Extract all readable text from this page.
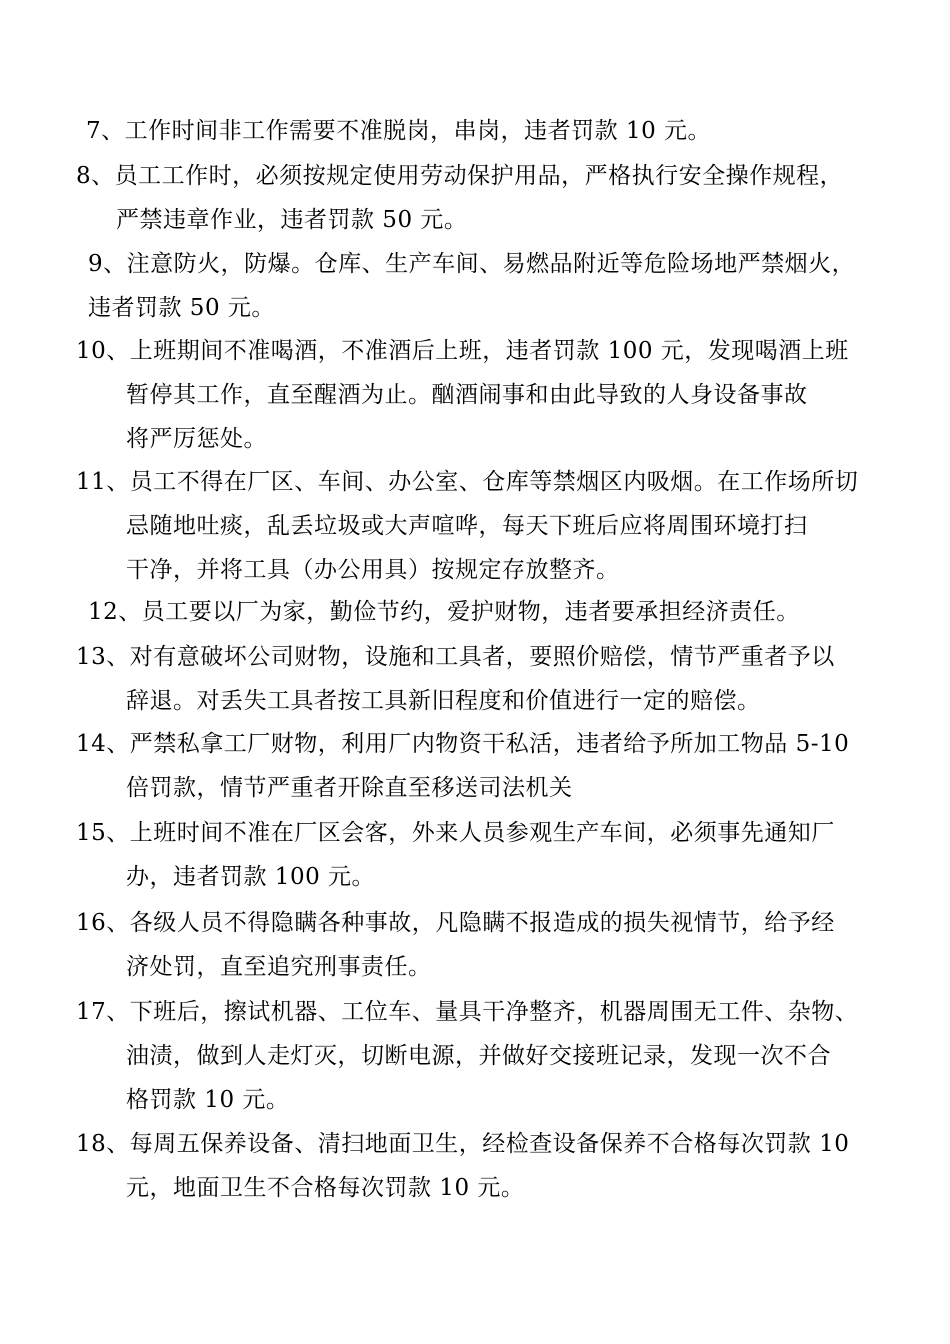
7、工作时间非工作需要不准脱岗，串岗，违者罚款 10 元。
8、员工工作时，必须按规定使用劳动保护用品，严格执行安全操作规程，
严禁违章作业，违者罚款 50 元。
9、注意防火，防爆。仓库、生产车间、易燃品附近等危险场地严禁烟火，
违者罚款 50 元。
10、上班期间不准喝酒，不准酒后上班，违者罚款 100 元，发现喝酒上班
暂停其工作，直至醒酒为止。酗酒闹事和由此导致的人身设备事故
将严厉惩处。
11、员工不得在厂区、车间、办公室、仓库等禁烟区内吸烟。在工作场所切
忌随地吐痰，乱丢垃圾或大声喧哗，每天下班后应将周围环境打扫
干净，并将工具（办公用具）按规定存放整齐。
12、员工要以厂为家，勤俭节约，爱护财物，违者要承担经济责任。
13、对有意破坏公司财物，设施和工具者，要照价赔偿，情节严重者予以
辞退。对丢失工具者按工具新旧程度和价值进行一定的赔偿。
14、严禁私拿工厂财物，利用厂内物资干私活，违者给予所加工物品 5-10
倍罚款，情节严重者开除直至移送司法机关
15、上班时间不准在厂区会客，外来人员参观生产车间，必须事先通知厂
办，违者罚款 100 元。
16、各级人员不得隐瞒各种事故，凡隐瞒不报造成的损失视情节，给予经
济处罚，直至追究刑事责任。
17、下班后，擦试机器、工位车、量具干净整齐，机器周围无工件、杂物、
油渍，做到人走灯灭，切断电源，并做好交接班记录，发现一次不合
格罚款 10 元。
18、每周五保养设备、清扫地面卫生，经检查设备保养不合格每次罚款 10
元，地面卫生不合格每次罚款 10 元。
